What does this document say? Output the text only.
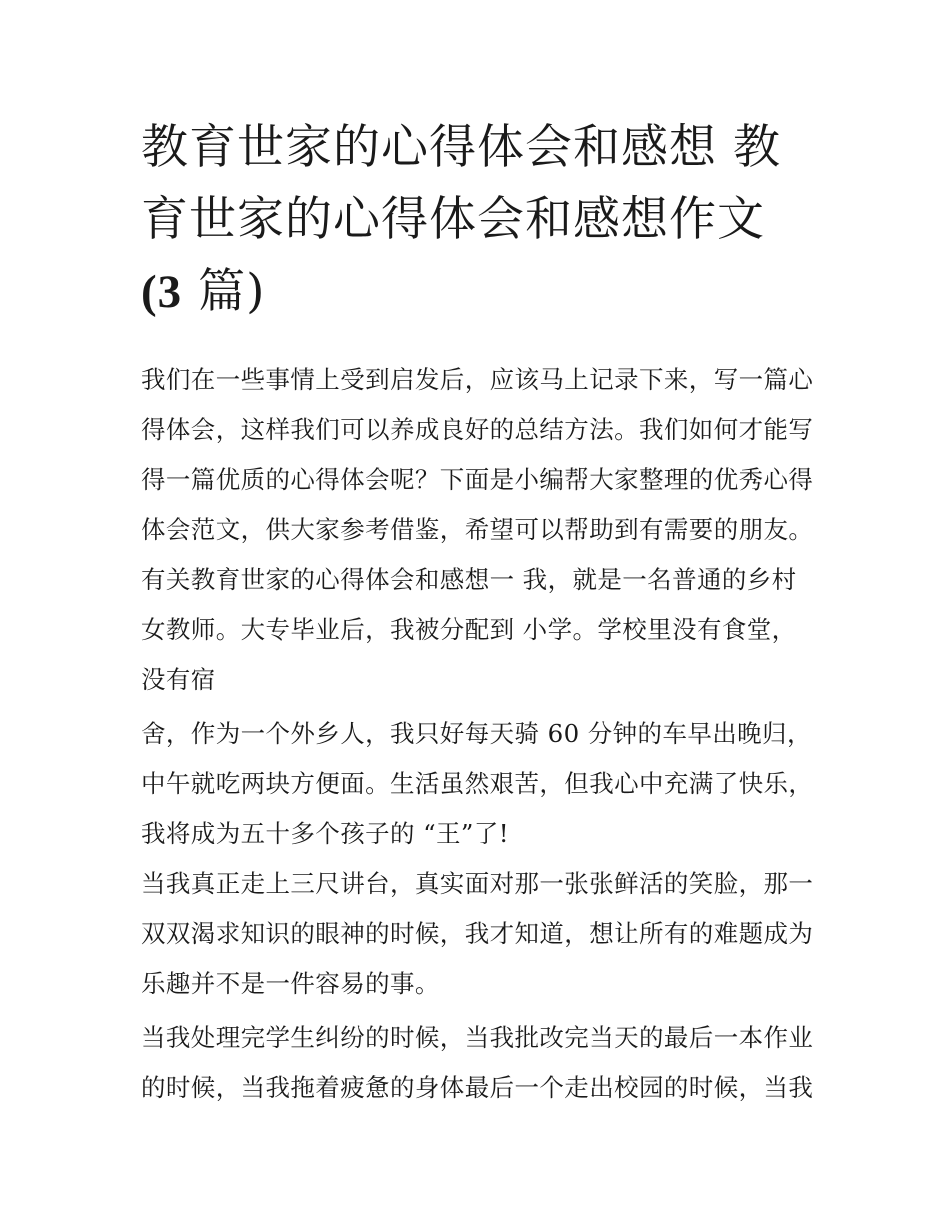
教育世家的心得体会和感想 教
育世家的心得体会和感想作文
(3 篇)

我们在一些事情上受到启发后，应该马上记录下来，写一篇心

得体会，这样我们可以养成良好的总结方法。我们如何才能写

得一篇优质的心得体会呢？下面是小编帮大家整理的优秀心得

体会范文，供大家参考借鉴，希望可以帮助到有需要的朋友。

有关教育世家的心得体会和感想一 我，就是一名普通的乡村

女教师。大专毕业后，我被分配到 小学。学校里没有食堂，

没有宿

舍，作为一个外乡人，我只好每天骑 60 分钟的车早出晚归，

中午就吃两块方便面。生活虽然艰苦，但我心中充满了快乐，

我将成为五十多个孩子的 “王”了!

当我真正走上三尺讲台，真实面对那一张张鲜活的笑脸，那一

双双渴求知识的眼神的时候，我才知道，想让所有的难题成为

乐趣并不是一件容易的事。

当我处理完学生纠纷的时候，当我批改完当天的最后一本作业

的时候，当我拖着疲惫的身体最后一个走出校园的时候，当我
